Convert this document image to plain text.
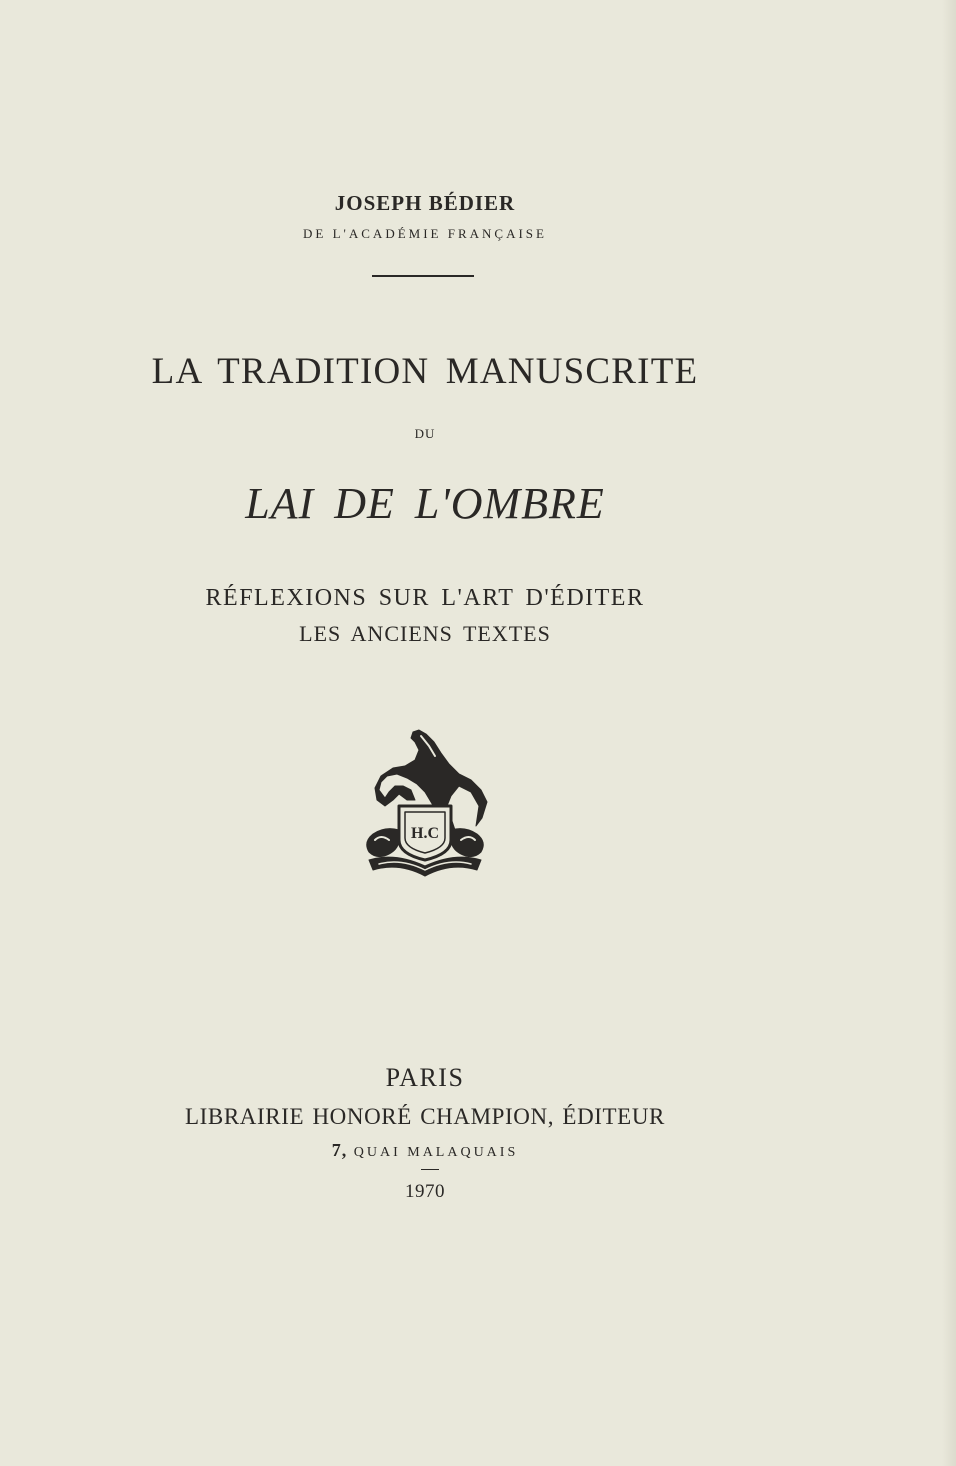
JOSEPH BÉDIER
DE L'ACADÉMIE FRANÇAISE
LA TRADITION MANUSCRITE
DU
LAI DE L'OMBRE
RÉFLEXIONS SUR L'ART D'ÉDITER
LES ANCIENS TEXTES
H.C
PARIS
LIBRAIRIE HONORÉ CHAMPION, ÉDITEUR
7, QUAI MALAQUAIS
1970
